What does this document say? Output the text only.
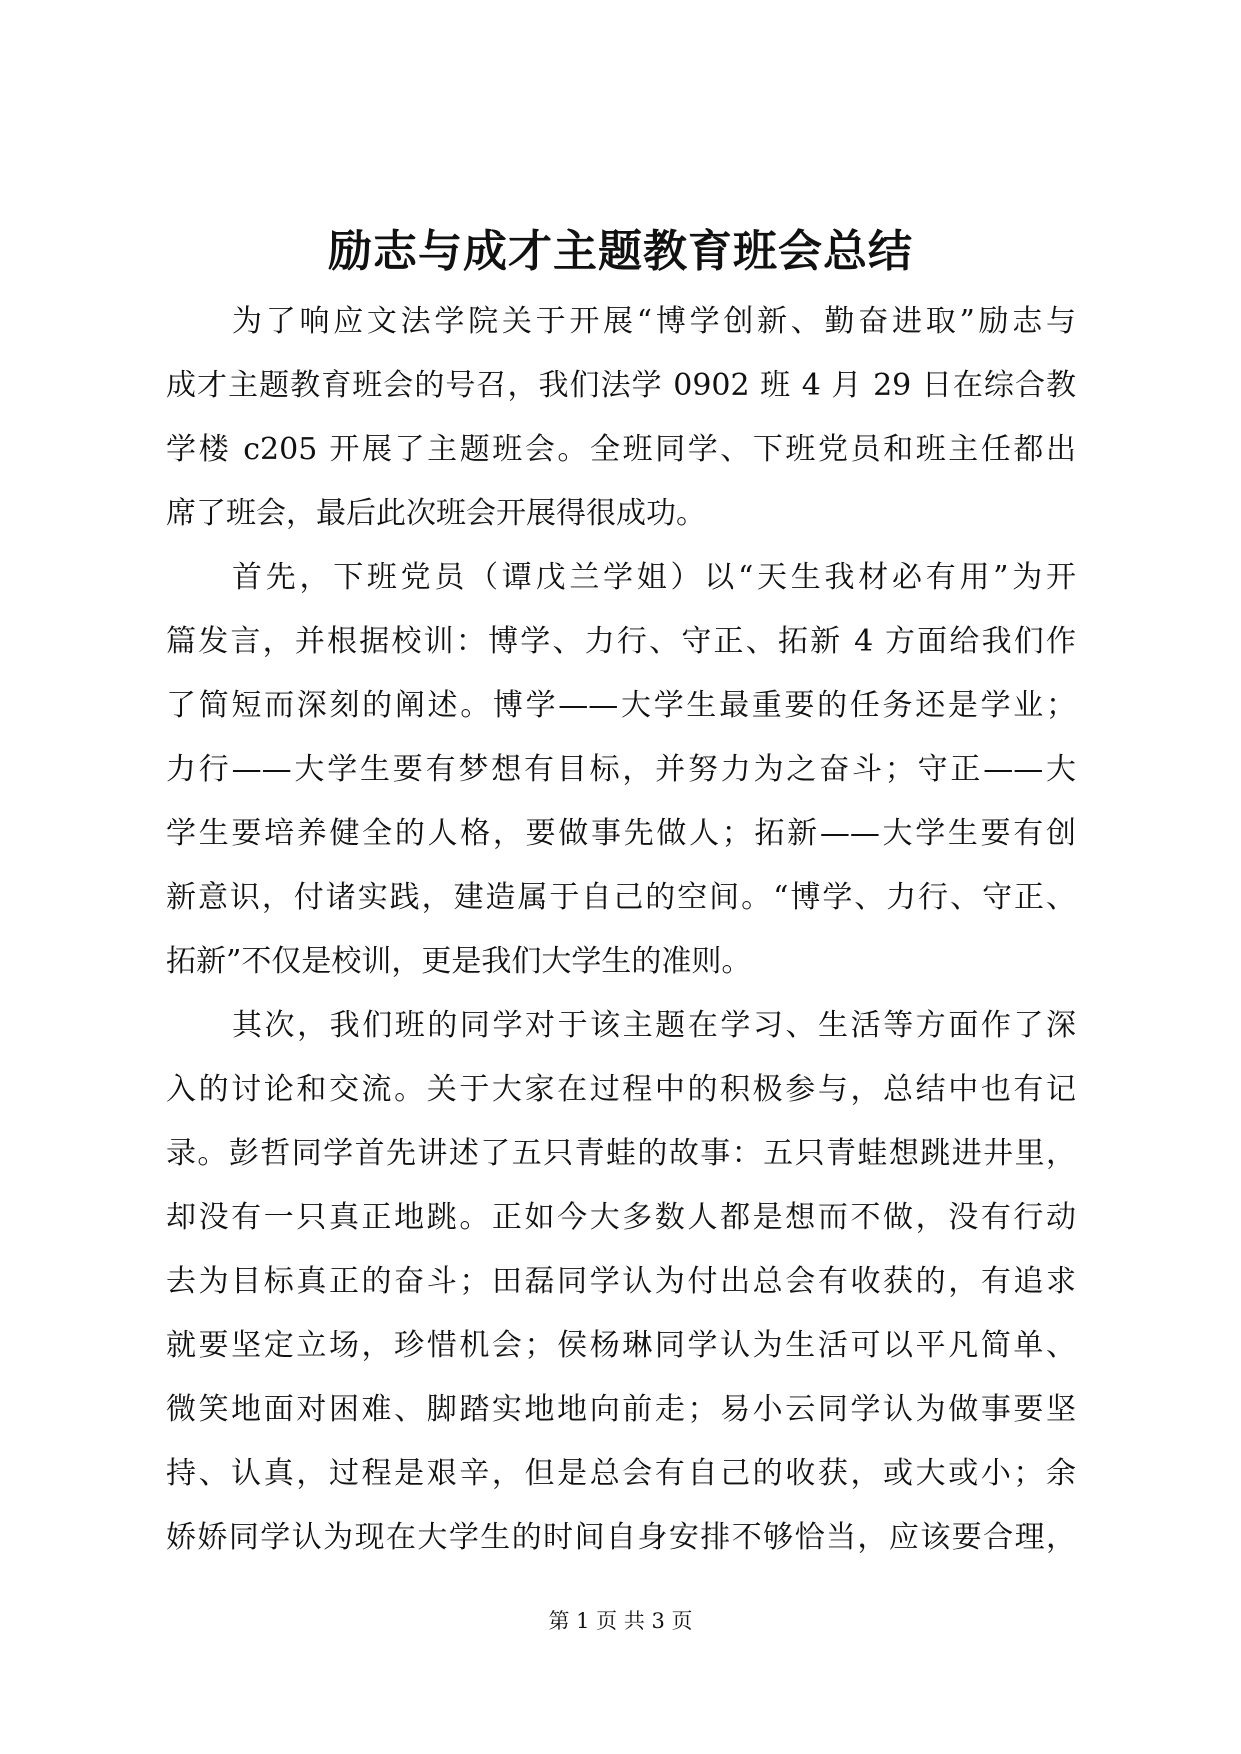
励志与成才主题教育班会总结
为了响应文法学院关于开展“博学创新、勤奋进取”励志与
成才主题教育班会的号召，我们法学 0902 班 4 月 29 日在综合教
学楼 c205 开展了主题班会。全班同学、下班党员和班主任都出
席了班会，最后此次班会开展得很成功。
首先，下班党员（谭戊兰学姐）以“天生我材必有用”为开
篇发言，并根据校训：博学、力行、守正、拓新 4 方面给我们作
了简短而深刻的阐述。博学——大学生最重要的任务还是学业；
力行——大学生要有梦想有目标，并努力为之奋斗；守正——大
学生要培养健全的人格，要做事先做人；拓新——大学生要有创
新意识，付诸实践，建造属于自己的空间。“博学、力行、守正、
拓新”不仅是校训，更是我们大学生的准则。
其次，我们班的同学对于该主题在学习、生活等方面作了深
入的讨论和交流。关于大家在过程中的积极参与，总结中也有记
录。彭哲同学首先讲述了五只青蛙的故事：五只青蛙想跳进井里，
却没有一只真正地跳。正如今大多数人都是想而不做，没有行动
去为目标真正的奋斗；田磊同学认为付出总会有收获的，有追求
就要坚定立场，珍惜机会；侯杨琳同学认为生活可以平凡简单、
微笑地面对困难、脚踏实地地向前走；易小云同学认为做事要坚
持、认真，过程是艰辛，但是总会有自己的收获，或大或小；余
娇娇同学认为现在大学生的时间自身安排不够恰当，应该要合理，
第 1 页 共 3 页
